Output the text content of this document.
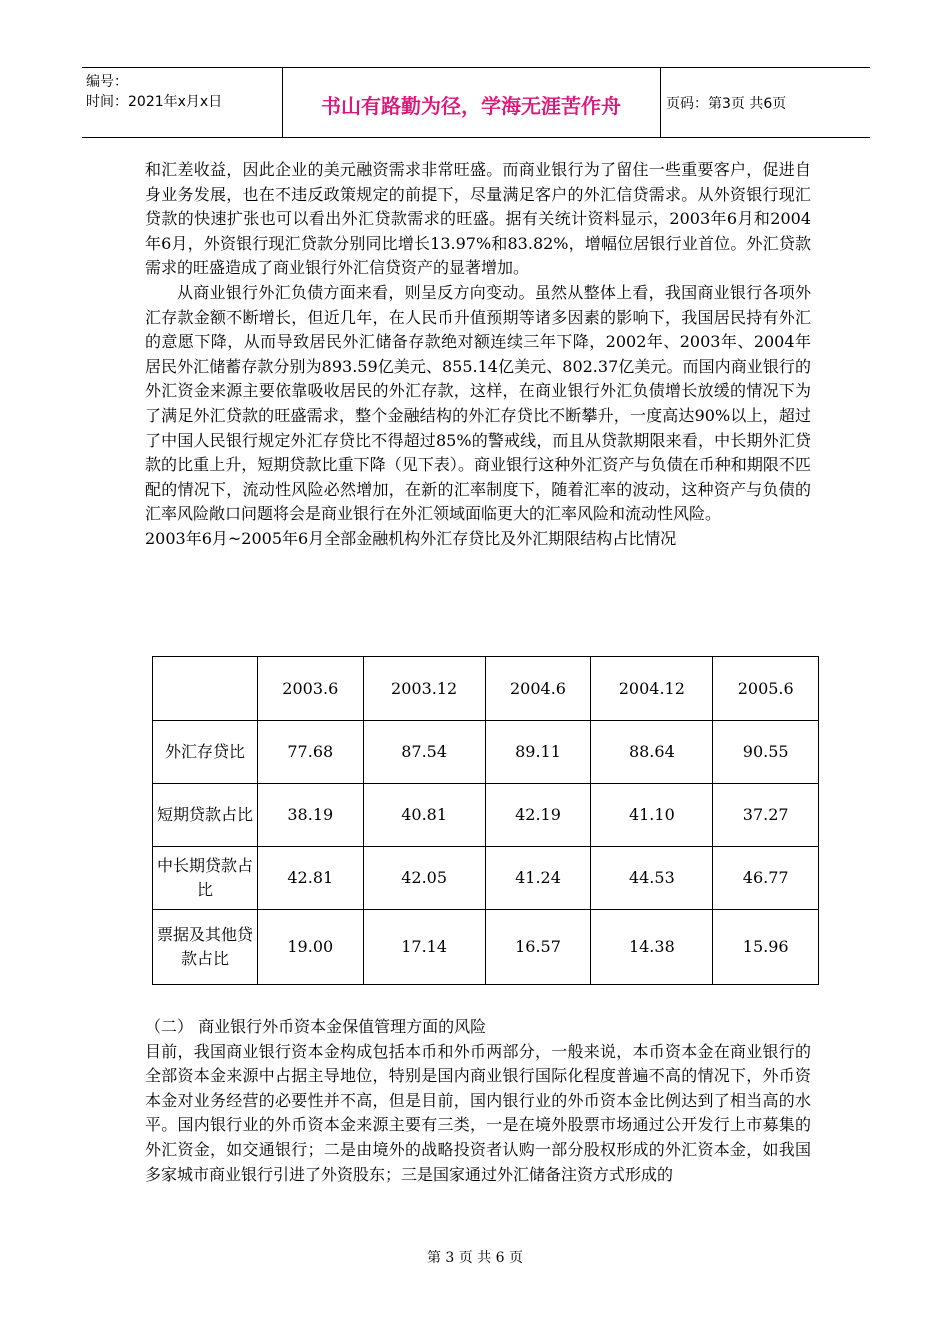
编号：
时间：2021年x月x日	书山有路勤为径，学海无涯苦作舟	页码：第3页 共6页

和汇差收益，因此企业的美元融资需求非常旺盛。而商业银行为了留住一些重要客户，促进自身业务发展，也在不违反政策规定的前提下，尽量满足客户的外汇信贷需求。从外资银行现汇贷款的快速扩张也可以看出外汇贷款需求的旺盛。据有关统计资料显示，2003年6月和2004年6月，外资银行现汇贷款分别同比增长13.97%和83.82%，增幅位居银行业首位。外汇贷款需求的旺盛造成了商业银行外汇信贷资产的显著增加。

从商业银行外汇负债方面来看，则呈反方向变动。虽然从整体上看，我国商业银行各项外汇存款金额不断增长，但近几年，在人民币升值预期等诸多因素的影响下，我国居民持有外汇的意愿下降，从而导致居民外汇储备存款绝对额连续三年下降，2002年、2003年、2004年居民外汇储蓄存款分别为893.59亿美元、855.14亿美元、802.37亿美元。而国内商业银行的外汇资金来源主要依靠吸收居民的外汇存款，这样，在商业银行外汇负债增长放缓的情况下为了满足外汇贷款的旺盛需求，整个金融结构的外汇存贷比不断攀升，一度高达90%以上，超过了中国人民银行规定外汇存贷比不得超过85%的警戒线，而且从贷款期限来看，中长期外汇贷款的比重上升，短期贷款比重下降（见下表）。商业银行这种外汇资产与负债在币种和期限不匹配的情况下，流动性风险必然增加，在新的汇率制度下，随着汇率的波动，这种资产与负债的汇率风险敞口问题将会是商业银行在外汇领域面临更大的汇率风险和流动性风险。

2003年6月~2005年6月全部金融机构外汇存贷比及外汇期限结构占比情况

	2003.6	2003.12	2004.6	2004.12	2005.6
外汇存贷比	77.68	87.54	89.11	88.64	90.55
短期贷款占比	38.19	40.81	42.19	41.10	37.27
中长期贷款占比	42.81	42.05	41.24	44.53	46.77
票据及其他贷款占比	19.00	17.14	16.57	14.38	15.96

（二） 商业银行外币资本金保值管理方面的风险

目前，我国商业银行资本金构成包括本币和外币两部分，一般来说，本币资本金在商业银行的全部资本金来源中占据主导地位，特别是国内商业银行国际化程度普遍不高的情况下，外币资本金对业务经营的必要性并不高，但是目前，国内银行业的外币资本金比例达到了相当高的水平。国内银行业的外币资本金来源主要有三类，一是在境外股票市场通过公开发行上市募集的外汇资金，如交通银行；二是由境外的战略投资者认购一部分股权形成的外汇资本金，如我国多家城市商业银行引进了外资股东；三是国家通过外汇储备注资方式形成的

第 3 页 共 6 页
